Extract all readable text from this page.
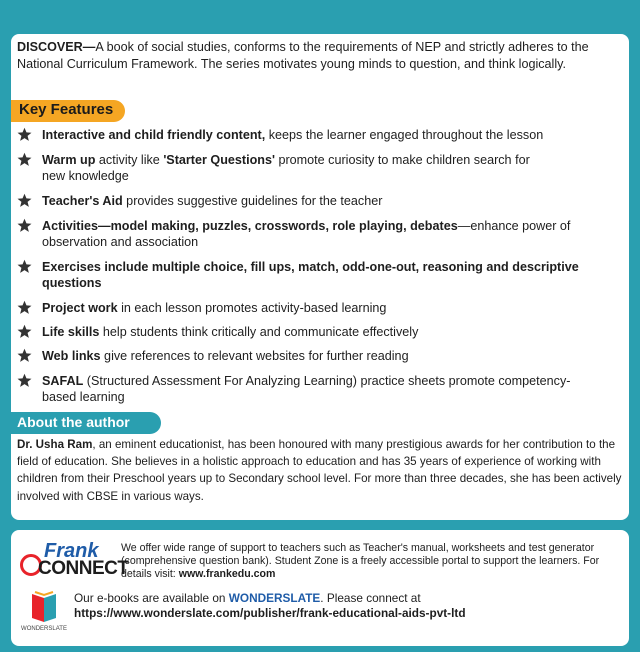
DISCOVER—A book of social studies, conforms to the requirements of NEP and strictly adheres to the National Curriculum Framework. The series motivates young minds to question, and think logically.
Key Features
Interactive and child friendly content, keeps the learner engaged throughout the lesson
Warm up activity like 'Starter Questions' promote curiosity to make children search for new knowledge
Teacher's Aid provides suggestive guidelines for the teacher
Activities—model making, puzzles, crosswords, role playing, debates—enhance power of observation and association
Exercises include multiple choice, fill ups, match, odd-one-out, reasoning and descriptive questions
Project work in each lesson promotes activity-based learning
Life skills help students think critically and communicate effectively
Web links give references to relevant websites for further reading
SAFAL (Structured Assessment For Analyzing Learning) practice sheets promote competency-based learning
About the author
Dr. Usha Ram, an eminent educationist, has been honoured with many prestigious awards for her contribution to the field of education. She believes in a holistic approach to education and has 35 years of experience of working with children from their Preschool years up to Secondary school level. For more than three decades, she has been actively involved with CBSE in various ways.
Frank
CONNECT
We offer wide range of support to teachers such as Teacher's manual, worksheets and test generator (comprehensive question bank). Student Zone is a freely accessible portal to support the learners. For details visit: www.frankedu.com
WONDERSLATE
Our e-books are available on WONDERSLATE. Please connect at
https://www.wonderslate.com/publisher/frank-educational-aids-pvt-ltd
